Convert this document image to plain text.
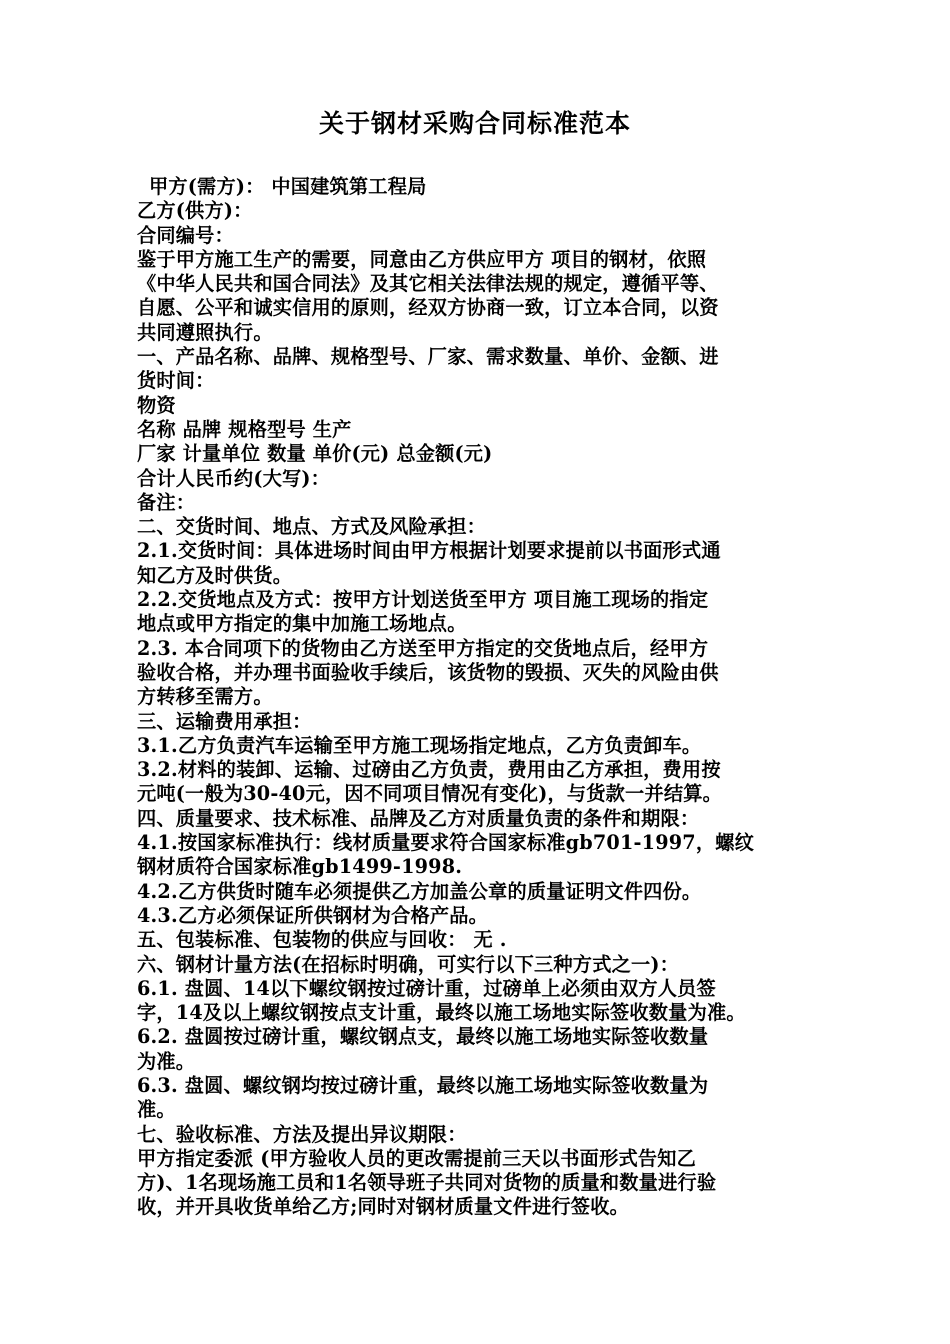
关于钢材采购合同标准范本
甲方(需方)： 中国建筑第工程局
乙方(供方)：
合同编号：
鉴于甲方施工生产的需要，同意由乙方供应甲方 项目的钢材，依照
《中华人民共和国合同法》及其它相关法律法规的规定，遵循平等、
自愿、公平和诚实信用的原则，经双方协商一致，订立本合同，以资
共同遵照执行。
一、产品名称、品牌、规格型号、厂家、需求数量、单价、金额、进
货时间：
物资
名称 品牌 规格型号 生产
厂家 计量单位 数量 单价(元) 总金额(元)
合计人民币约(大写)：
备注：
二、交货时间、地点、方式及风险承担：
2.1.交货时间：具体进场时间由甲方根据计划要求提前以书面形式通
知乙方及时供货。
2.2.交货地点及方式：按甲方计划送货至甲方 项目施工现场的指定
地点或甲方指定的集中加施工场地点。
2.3. 本合同项下的货物由乙方送至甲方指定的交货地点后，经甲方
验收合格，并办理书面验收手续后，该货物的毁损、灭失的风险由供
方转移至需方。
三、运输费用承担：
3.1.乙方负责汽车运输至甲方施工现场指定地点，乙方负责卸车。
3.2.材料的装卸、运输、过磅由乙方负责，费用由乙方承担，费用按
元吨(一般为30-40元，因不同项目情况有变化)，与货款一并结算。
四、质量要求、技术标准、品牌及乙方对质量负责的条件和期限：
4.1.按国家标准执行：线材质量要求符合国家标准gb701-1997，螺纹
钢材质符合国家标准gb1499-1998.
4.2.乙方供货时随车必须提供乙方加盖公章的质量证明文件四份。
4.3.乙方必须保证所供钢材为合格产品。
五、包装标准、包装物的供应与回收： 无 .
六、钢材计量方法(在招标时明确，可实行以下三种方式之一)：
6.1. 盘圆、14以下螺纹钢按过磅计重，过磅单上必须由双方人员签
字，14及以上螺纹钢按点支计重，最终以施工场地实际签收数量为准。
6.2. 盘圆按过磅计重，螺纹钢点支，最终以施工场地实际签收数量
为准。
6.3. 盘圆、螺纹钢均按过磅计重，最终以施工场地实际签收数量为
准。
七、验收标准、方法及提出异议期限：
甲方指定委派 (甲方验收人员的更改需提前三天以书面形式告知乙
方)、1名现场施工员和1名领导班子共同对货物的质量和数量进行验
收，并开具收货单给乙方;同时对钢材质量文件进行签收。
